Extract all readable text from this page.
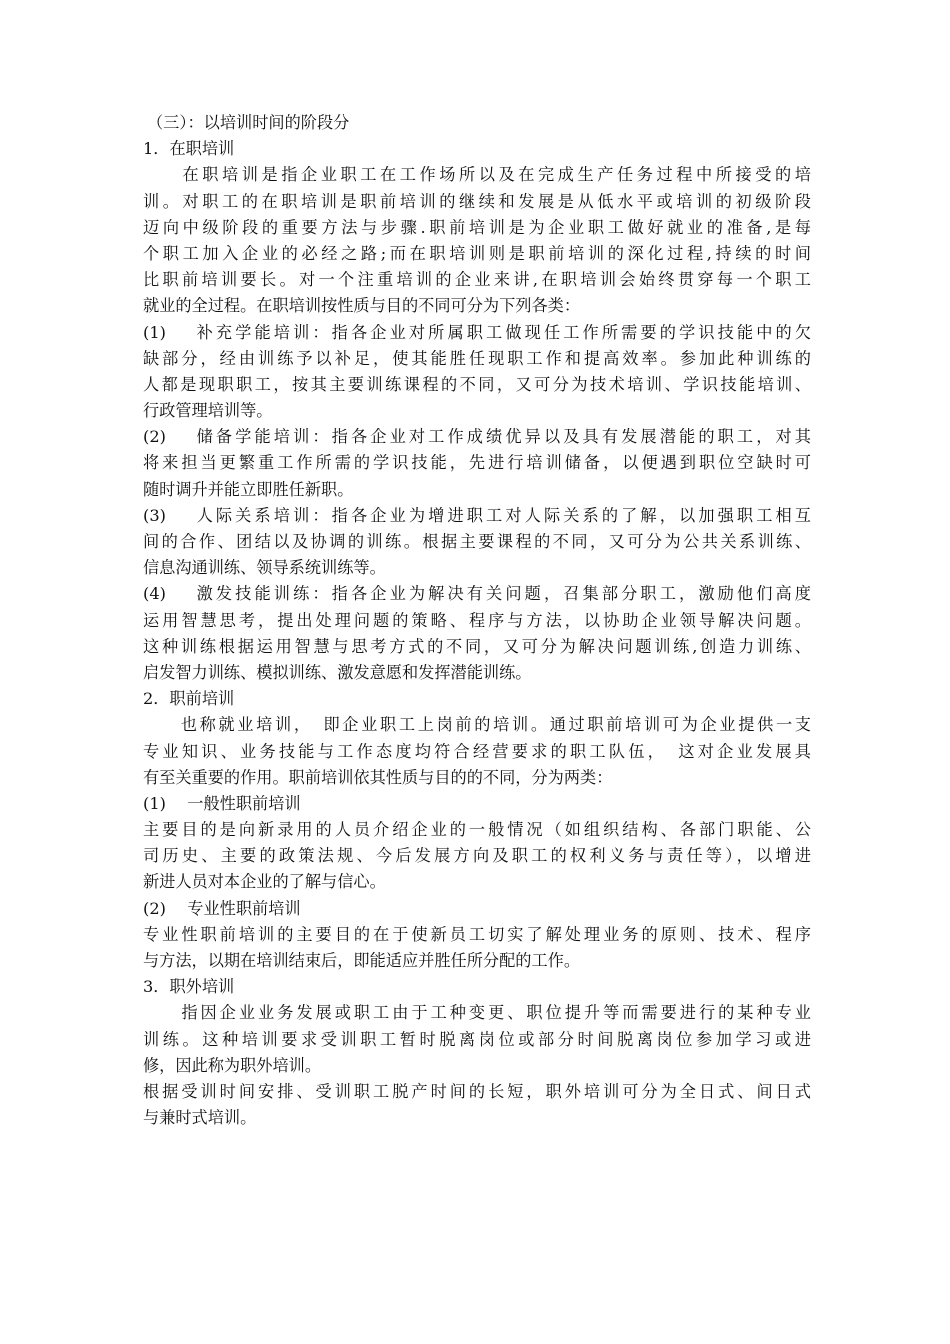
（三）：以培训时间的阶段分
1．在职培训
　　在职培训是指企业职工在工作场所以及在完成生产任务过程中所接受的培
训。对职工的在职培训是职前培训的继续和发展是从低水平或培训的初级阶段
迈向中级阶段的重要方法与步骤.职前培训是为企业职工做好就业的准备,是每
个职工加入企业的必经之路;而在职培训则是职前培训的深化过程,持续的时间
比职前培训要长。对一个注重培训的企业来讲,在职培训会始终贯穿每一个职工
就业的全过程。在职培训按性质与目的不同可分为下列各类：
(1)　 补充学能培训：指各企业对所属职工做现任工作所需要的学识技能中的欠
缺部分，经由训练予以补足，使其能胜任现职工作和提高效率。参加此种训练的
人都是现职职工，按其主要训练课程的不同，又可分为技术培训、学识技能培训、
行政管理培训等。
(2)　 储备学能培训：指各企业对工作成绩优异以及具有发展潜能的职工，对其
将来担当更繁重工作所需的学识技能，先进行培训储备，以便遇到职位空缺时可
随时调升并能立即胜任新职。
(3)　 人际关系培训：指各企业为增进职工对人际关系的了解，以加强职工相互
间的合作、团结以及协调的训练。根据主要课程的不同，又可分为公共关系训练、
信息沟通训练、领导系统训练等。
(4)　 激发技能训练：指各企业为解决有关问题，召集部分职工，激励他们高度
运用智慧思考，提出处理问题的策略、程序与方法，以协助企业领导解决问题。
这种训练根据运用智慧与思考方式的不同，又可分为解决问题训练,创造力训练、
启发智力训练、模拟训练、激发意愿和发挥潜能训练。
2．职前培训
　　也称就业培训，　即企业职工上岗前的培训。通过职前培训可为企业提供一支
专业知识、业务技能与工作态度均符合经营要求的职工队伍，　这对企业发展具
有至关重要的作用。职前培训依其性质与目的的不同，分为两类：
(1)　 一般性职前培训
主要目的是向新录用的人员介绍企业的一般情况（如组织结构、各部门职能、公
司历史、主要的政策法规、今后发展方向及职工的权利义务与责任等），以增进
新进人员对本企业的了解与信心。
(2)　 专业性职前培训
专业性职前培训的主要目的在于使新员工切实了解处理业务的原则、技术、程序
与方法，以期在培训结束后，即能适应并胜任所分配的工作。
3．职外培训
　　指因企业业务发展或职工由于工种变更、职位提升等而需要进行的某种专业
训练。这种培训要求受训职工暂时脱离岗位或部分时间脱离岗位参加学习或进
修，因此称为职外培训。
根据受训时间安排、受训职工脱产时间的长短，职外培训可分为全日式、间日式
与兼时式培训。
